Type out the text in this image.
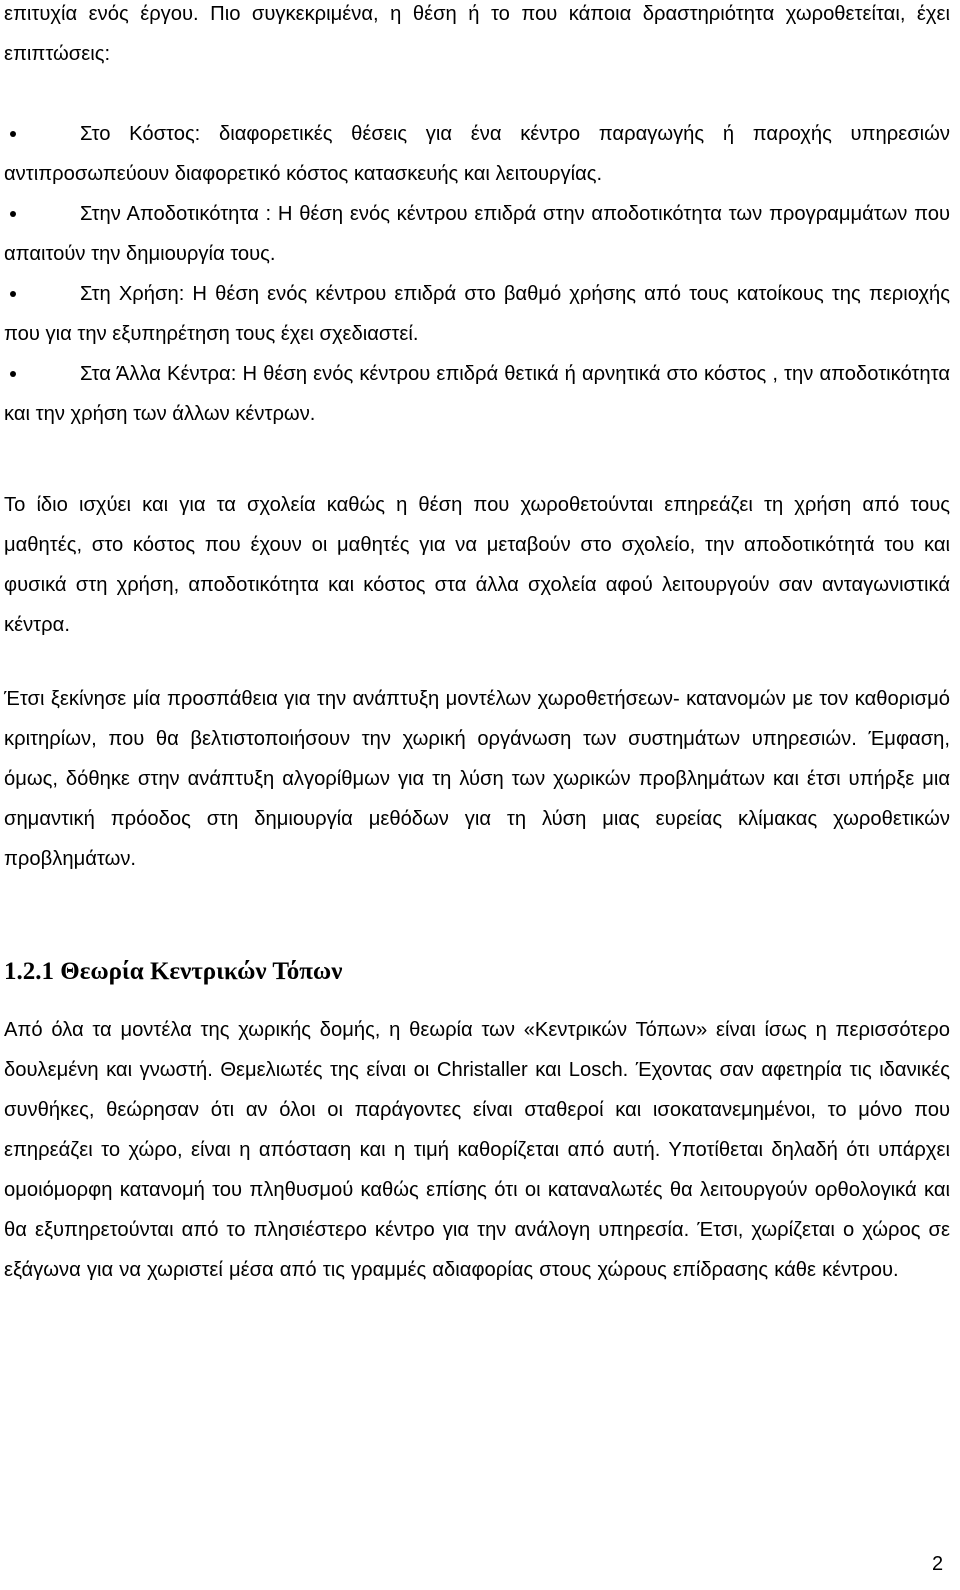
επιτυχία ενός έργου. Πιο συγκεκριμένα, η θέση ή το που κάποια δραστηριότητα χωροθετείται, έχει επιπτώσεις:

Στο Κόστος: διαφορετικές θέσεις για ένα κέντρο παραγωγής ή παροχής υπηρεσιών αντιπροσωπεύουν διαφορετικό κόστος κατασκευής και λειτουργίας.
Στην Αποδοτικότητα : Η θέση ενός κέντρου επιδρά στην αποδοτικότητα των προγραμμάτων που απαιτούν την δημιουργία τους.
Στη Χρήση: Η θέση ενός κέντρου επιδρά στο βαθμό χρήσης από τους κατοίκους της περιοχής που για την εξυπηρέτηση τους έχει σχεδιαστεί.
Στα Άλλα Κέντρα: Η θέση ενός κέντρου επιδρά θετικά ή αρνητικά στο κόστος , την αποδοτικότητα και την χρήση των άλλων κέντρων.

Το ίδιο ισχύει και για τα σχολεία καθώς η θέση που χωροθετούνται επηρεάζει τη χρήση από τους μαθητές, στο κόστος που έχουν οι μαθητές για να μεταβούν στο σχολείο, την αποδοτικότητά του και φυσικά στη χρήση, αποδοτικότητα και κόστος στα άλλα σχολεία αφού λειτουργούν σαν ανταγωνιστικά κέντρα.

Έτσι ξεκίνησε μία προσπάθεια για την ανάπτυξη μοντέλων χωροθετήσεων- κατανομών με τον καθορισμό κριτηρίων, που θα βελτιστοποιήσουν την χωρική οργάνωση των συστημάτων υπηρεσιών. Έμφαση, όμως, δόθηκε στην ανάπτυξη αλγορίθμων για τη λύση των χωρικών προβλημάτων και έτσι υπήρξε μια σημαντική πρόοδος στη δημιουργία μεθόδων για τη λύση μιας ευρείας κλίμακας χωροθετικών προβλημάτων.

1.2.1 Θεωρία Κεντρικών Τόπων

Από όλα τα μοντέλα της χωρικής δομής, η θεωρία των «Κεντρικών Τόπων» είναι ίσως η περισσότερο δουλεμένη και γνωστή. Θεμελιωτές της είναι οι Christaller και Losch. Έχοντας σαν αφετηρία τις ιδανικές συνθήκες, θεώρησαν ότι αν όλοι οι παράγοντες είναι σταθεροί και ισοκατανεμημένοι, το μόνο που επηρεάζει το χώρο, είναι η απόσταση και η τιμή καθορίζεται από αυτή. Υποτίθεται δηλαδή ότι υπάρχει ομοιόμορφη κατανομή του πληθυσμού καθώς επίσης ότι οι καταναλωτές θα λειτουργούν ορθολογικά και θα εξυπηρετούνται από το πλησιέστερο κέντρο για την ανάλογη υπηρεσία. Έτσι, χωρίζεται ο χώρος σε εξάγωνα για να χωριστεί μέσα από τις γραμμές αδιαφορίας στους χώρους επίδρασης κάθε κέντρου.

2
